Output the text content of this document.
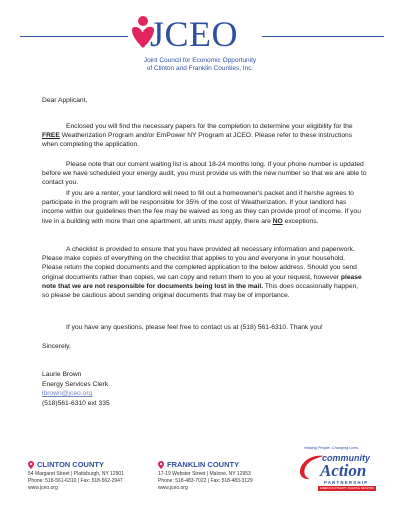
JCEO
Joint Council for Economic Opportunity
of Clinton and Franklin Counties, Inc.
Dear Applicant,

Enclosed you will find the necessary papers for the completion to determine your eligibility for the FREE Weatherization Program and/or EmPower NY Program at JCEO. Please refer to these instructions when completing the application.

Please note that our current waiting list is about 18-24 months long. If your phone number is updated before we have scheduled your energy audit, you must provide us with the new number so that we are able to contact you.

If you are a renter, your landlord will need to fill out a homeowner's packet and if he/she agrees to participate in the program will be responsible for 35% of the cost of Weatherization. If your landlord has income within our guidelines then the fee may be waived as long as they can provide proof of income. If you live in a building with more than one apartment, all units must apply, there are NO exceptions.

A checklist is provided to ensure that you have provided all necessary information and paperwork. Please make copies of everything on the checklist that applies to you and everyone in your household. Please return the copied documents and the completed application to the below address. Should you send original documents rather than copies, we can copy and return them to you at your request, however please note that we are not responsible for documents being lost in the mail. This does occasionally happen, so please be cautious about sending original documents that may be of importance.

If you have any questions, please feel free to contact us at (518) 561-6310. Thank you!

Sincerely,
Laurie Brown
Energy Services Clerk
lbrown@jceo.org
(518)561-6310 ext 335
CLINTON COUNTY
54 Margaret Street | Plattsburgh, NY 12901
Phone: 518-561-6310 | Fax: 518-562-2947
www.jceo.org
FRANKLIN COUNTY
17-19 Webster Street | Malone, NY 12953
Phone: 518-483-7022 | Fax: 518-483-3129
www.jceo.org
Helping People. Changing Lives.
community
Action
PARTNERSHIP
AMERICA'S POVERTY FIGHTING NETWORK
